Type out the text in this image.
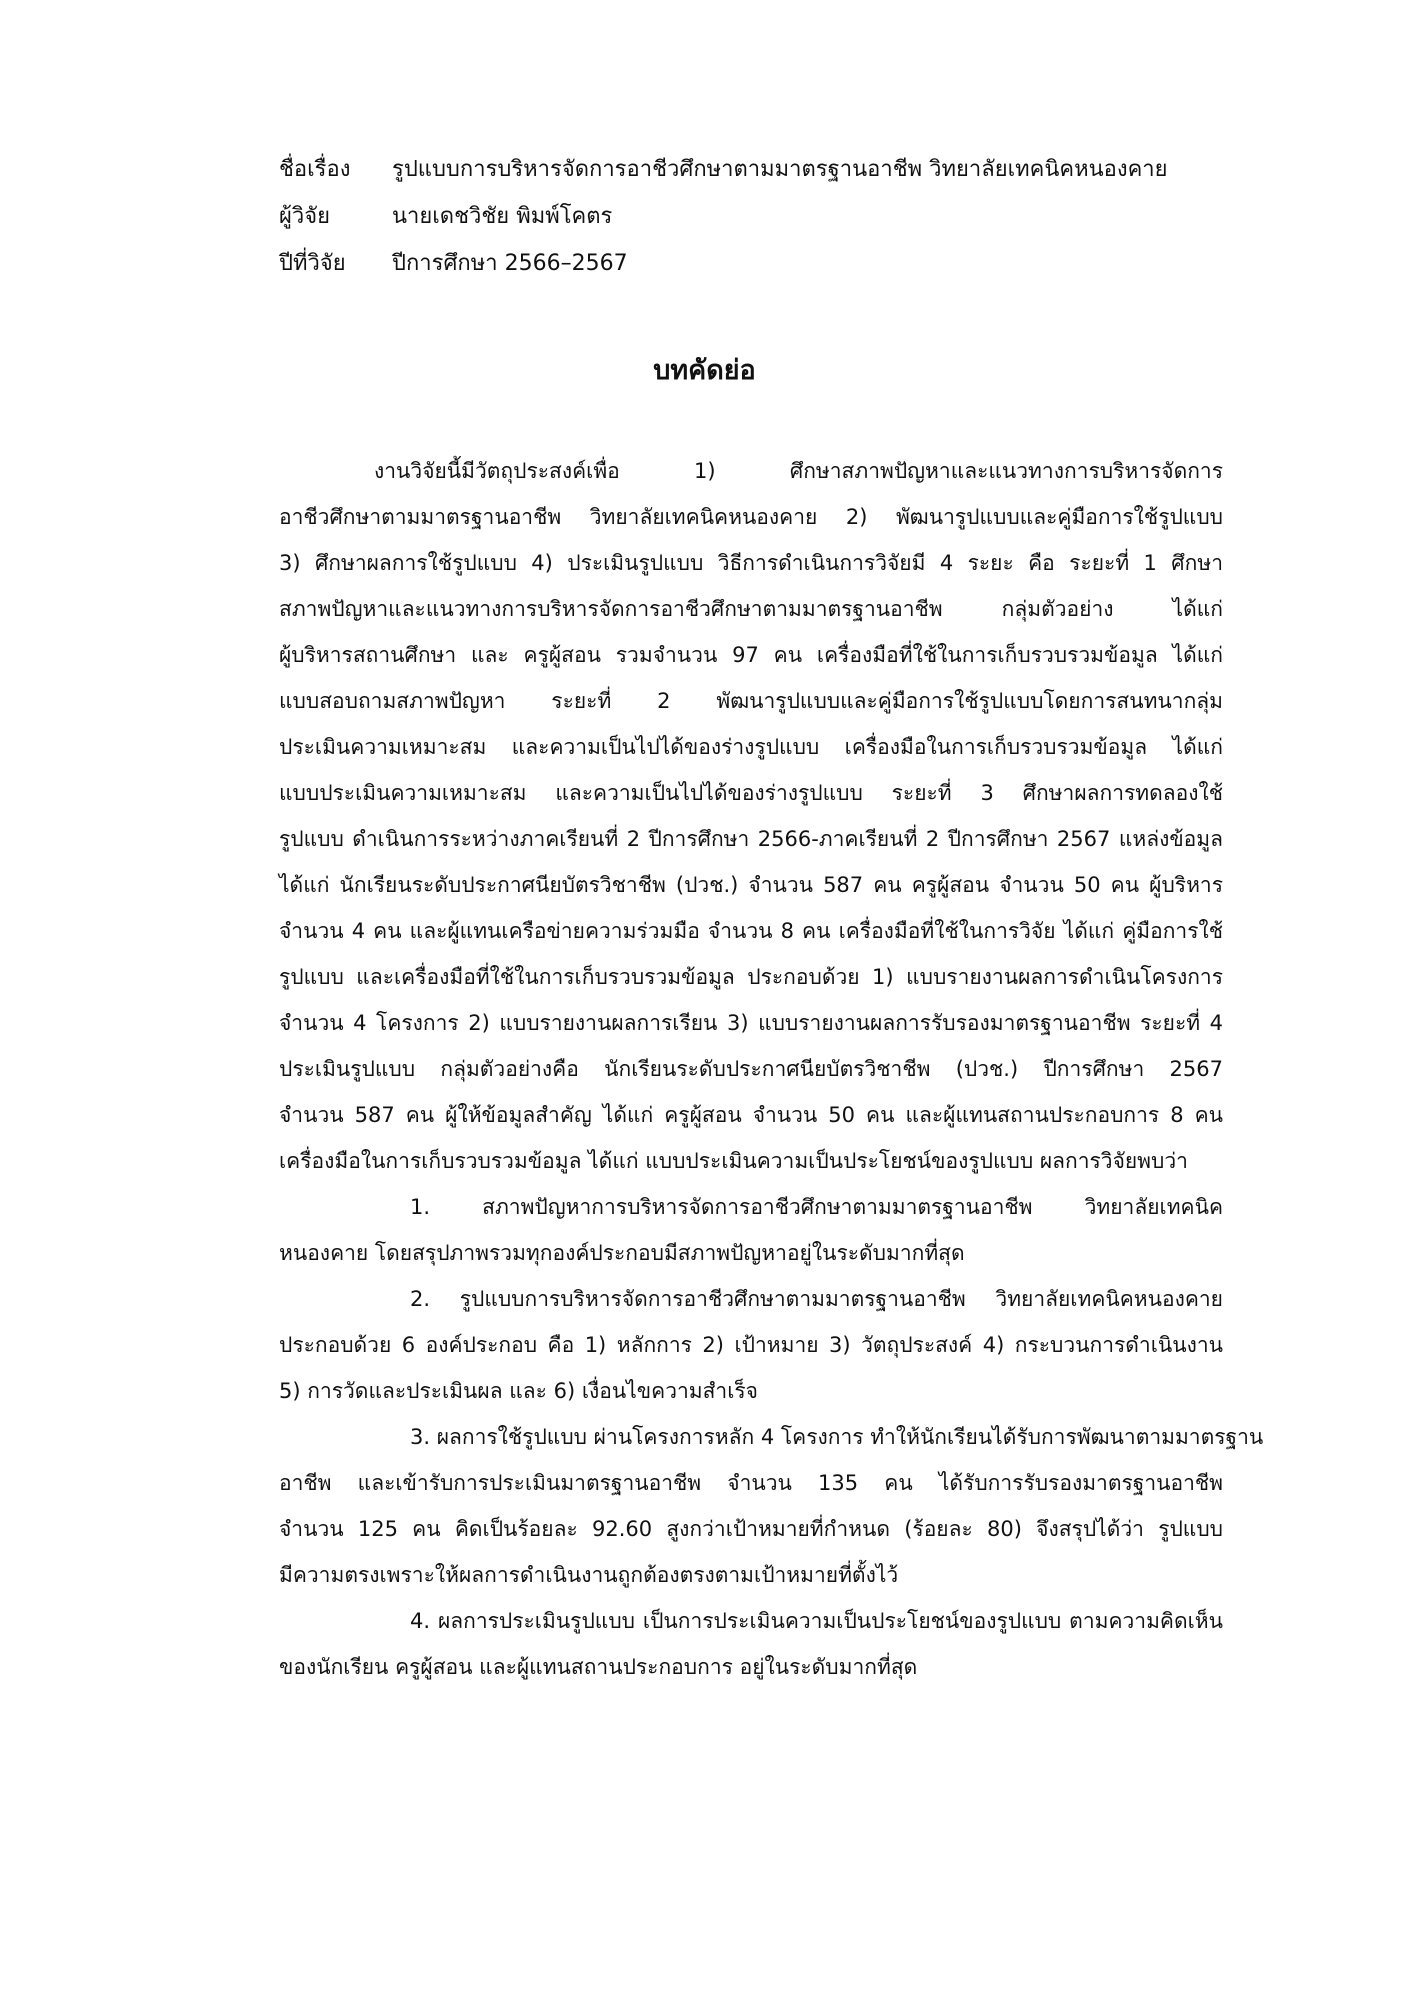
ชื่อเรื่อง รูปแบบการบริหารจัดการอาชีวศึกษาตามมาตรฐานอาชีพ วิทยาลัยเทคนิคหนองคาย
ผู้วิจัย	นายเดชวิชัย พิมพ์โคตร
ปีที่วิจัย ปีการศึกษา 2566–2567
บทคัดย่อ
งานวิจัยนี้มีวัตถุประสงค์เพื่อ 1) ศึกษาสภาพปัญหาและแนวทางการบริหารจัดการ
อาชีวศึกษาตามมาตรฐานอาชีพ วิทยาลัยเทคนิคหนองคาย 2) พัฒนารูปแบบและคู่มือการใช้รูปแบบ
3) ศึกษาผลการใช้รูปแบบ 4) ประเมินรูปแบบ วิธีการดำเนินการวิจัยมี 4 ระยะ คือ ระยะที่ 1 ศึกษา
สภาพปัญหาและแนวทางการบริหารจัดการอาชีวศึกษาตามมาตรฐานอาชีพ กลุ่มตัวอย่าง ได้แก่
ผู้บริหารสถานศึกษา และ ครูผู้สอน รวมจำนวน 97 คน เครื่องมือที่ใช้ในการเก็บรวบรวมข้อมูล ได้แก่
แบบสอบถามสภาพปัญหา ระยะที่ 2 พัฒนารูปแบบและคู่มือการใช้รูปแบบโดยการสนทนากลุ่ม
ประเมินความเหมาะสม และความเป็นไปได้ของร่างรูปแบบ เครื่องมือในการเก็บรวบรวมข้อมูล ได้แก่
แบบประเมินความเหมาะสม และความเป็นไปได้ของร่างรูปแบบ ระยะที่ 3 ศึกษาผลการทดลองใช้
รูปแบบ ดำเนินการระหว่างภาคเรียนที่ 2 ปีการศึกษา 2566-ภาคเรียนที่ 2 ปีการศึกษา 2567 แหล่งข้อมูล
ได้แก่ นักเรียนระดับประกาศนียบัตรวิชาชีพ (ปวช.) จำนวน 587 คน ครูผู้สอน จำนวน 50 คน ผู้บริหาร
จำนวน 4 คน และผู้แทนเครือข่ายความร่วมมือ จำนวน 8 คน เครื่องมือที่ใช้ในการวิจัย ได้แก่ คู่มือการใช้
รูปแบบ และเครื่องมือที่ใช้ในการเก็บรวบรวมข้อมูล ประกอบด้วย 1) แบบรายงานผลการดำเนินโครงการ
จำนวน 4 โครงการ 2) แบบรายงานผลการเรียน 3) แบบรายงานผลการรับรองมาตรฐานอาชีพ ระยะที่ 4
ประเมินรูปแบบ กลุ่มตัวอย่างคือ นักเรียนระดับประกาศนียบัตรวิชาชีพ (ปวช.) ปีการศึกษา 2567
จำนวน 587 คน ผู้ให้ข้อมูลสำคัญ ได้แก่ ครูผู้สอน จำนวน 50 คน และผู้แทนสถานประกอบการ 8 คน
เครื่องมือในการเก็บรวบรวมข้อมูล ได้แก่ แบบประเมินความเป็นประโยชน์ของรูปแบบ ผลการวิจัยพบว่า
1. สภาพปัญหาการบริหารจัดการอาชีวศึกษาตามมาตรฐานอาชีพ วิทยาลัยเทคนิค
หนองคาย โดยสรุปภาพรวมทุกองค์ประกอบมีสภาพปัญหาอยู่ในระดับมากที่สุด
2. รูปแบบการบริหารจัดการอาชีวศึกษาตามมาตรฐานอาชีพ วิทยาลัยเทคนิคหนองคาย
ประกอบด้วย 6 องค์ประกอบ คือ 1) หลักการ 2) เป้าหมาย 3) วัตถุประสงค์ 4) กระบวนการดำเนินงาน
5) การวัดและประเมินผล และ 6) เงื่อนไขความสำเร็จ
3. ผลการใช้รูปแบบ ผ่านโครงการหลัก 4 โครงการ ทำให้นักเรียนได้รับการพัฒนาตามมาตรฐาน
อาชีพ และเข้ารับการประเมินมาตรฐานอาชีพ จำนวน 135 คน ได้รับการรับรองมาตรฐานอาชีพ
จำนวน 125 คน คิดเป็นร้อยละ 92.60 สูงกว่าเป้าหมายที่กำหนด (ร้อยละ 80) จึงสรุปได้ว่า รูปแบบ
มีความตรงเพราะให้ผลการดำเนินงานถูกต้องตรงตามเป้าหมายที่ตั้งไว้
4. ผลการประเมินรูปแบบ เป็นการประเมินความเป็นประโยชน์ของรูปแบบ ตามความคิดเห็น
ของนักเรียน ครูผู้สอน และผู้แทนสถานประกอบการ อยู่ในระดับมากที่สุด
